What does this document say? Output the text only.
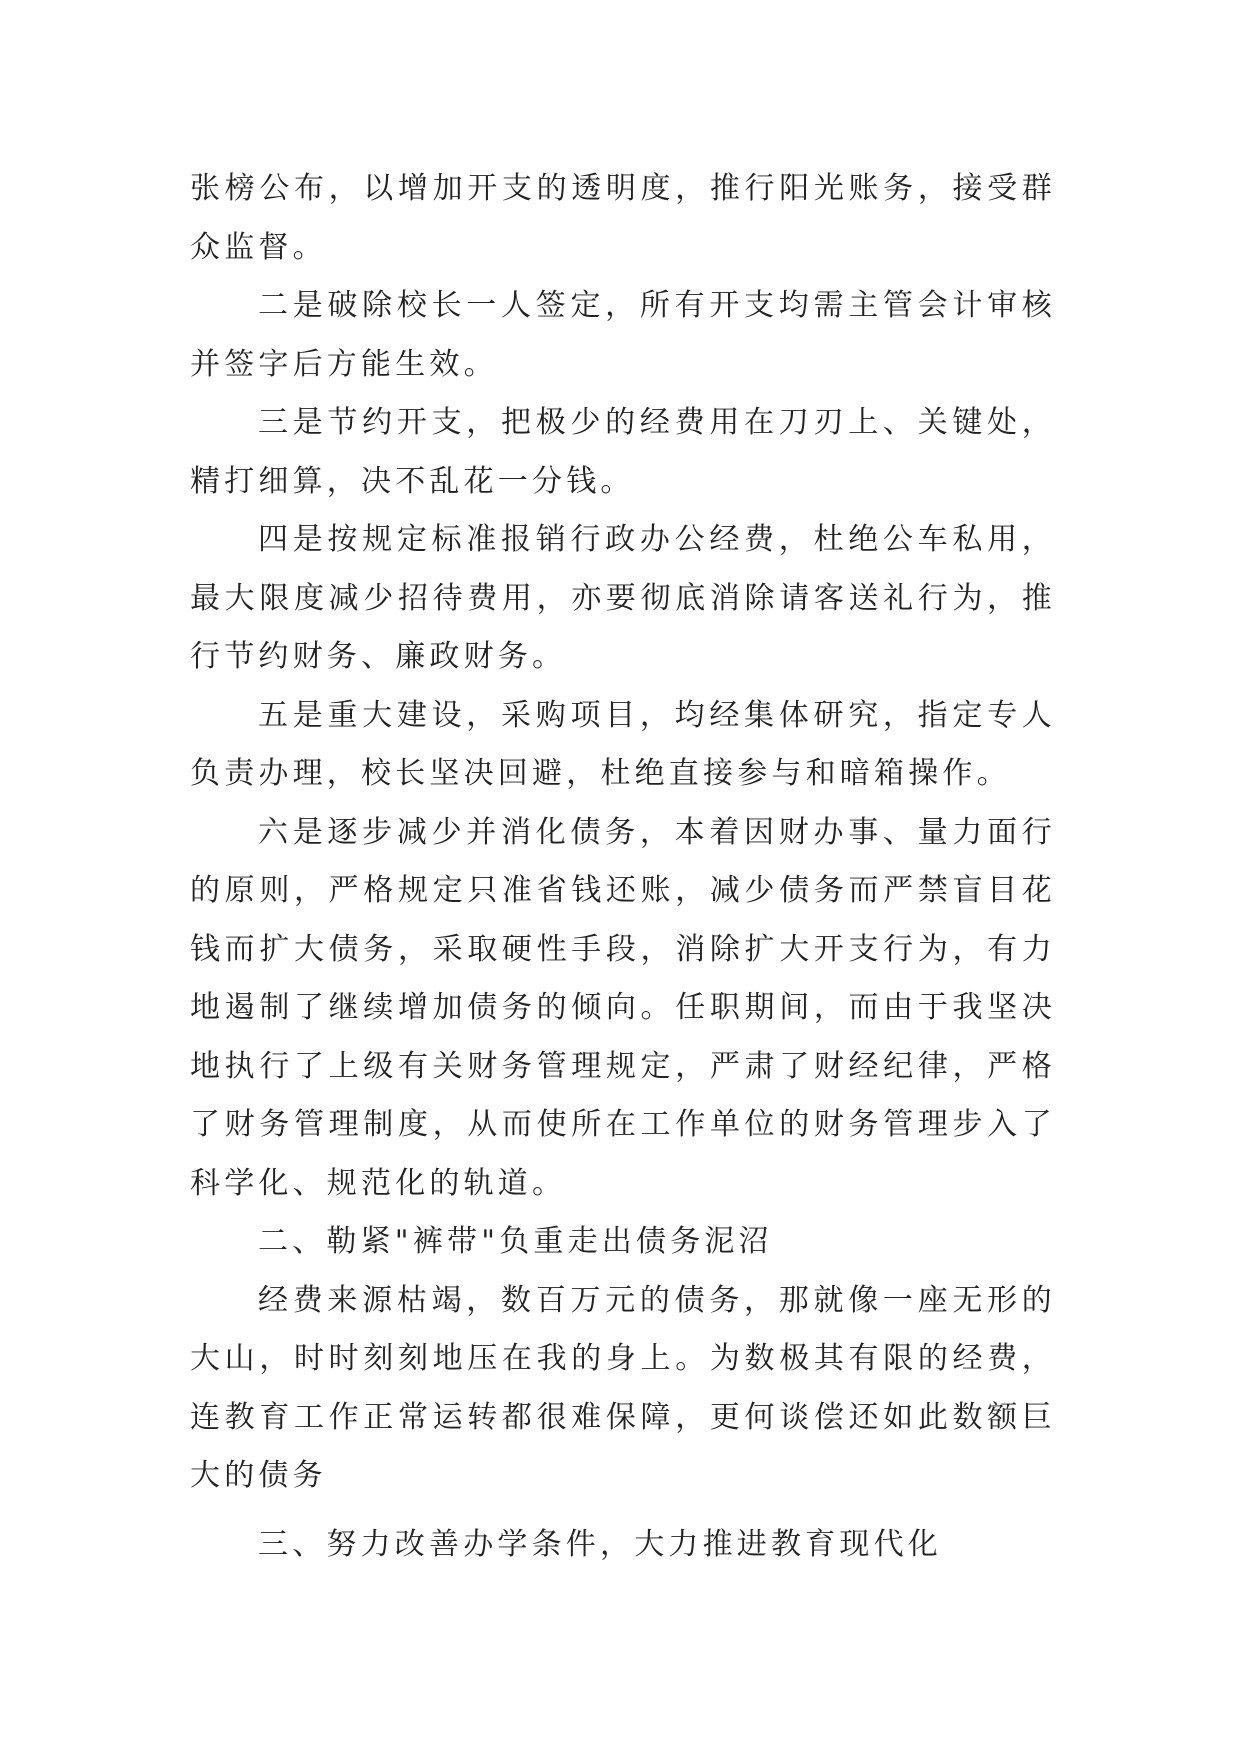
张榜公布，以增加开支的透明度，推行阳光账务，接受群众监督。

二是破除校长一人签定，所有开支均需主管会计审核并签字后方能生效。

三是节约开支，把极少的经费用在刀刃上、关键处，精打细算，决不乱花一分钱。

四是按规定标准报销行政办公经费，杜绝公车私用，最大限度减少招待费用，亦要彻底消除请客送礼行为，推行节约财务、廉政财务。

五是重大建设，采购项目，均经集体研究，指定专人负责办理，校长坚决回避，杜绝直接参与和暗箱操作。

六是逐步减少并消化债务，本着因财办事、量力面行的原则，严格规定只准省钱还账，减少债务而严禁盲目花钱而扩大债务，采取硬性手段，消除扩大开支行为，有力地遏制了继续增加债务的倾向。任职期间，而由于我坚决地执行了上级有关财务管理规定，严肃了财经纪律，严格了财务管理制度，从而使所在工作单位的财务管理步入了科学化、规范化的轨道。

二、勒紧"裤带"负重走出债务泥沼

经费来源枯竭，数百万元的债务，那就像一座无形的大山，时时刻刻地压在我的身上。为数极其有限的经费，连教育工作正常运转都很难保障，更何谈偿还如此数额巨大的债务

三、努力改善办学条件，大力推进教育现代化
